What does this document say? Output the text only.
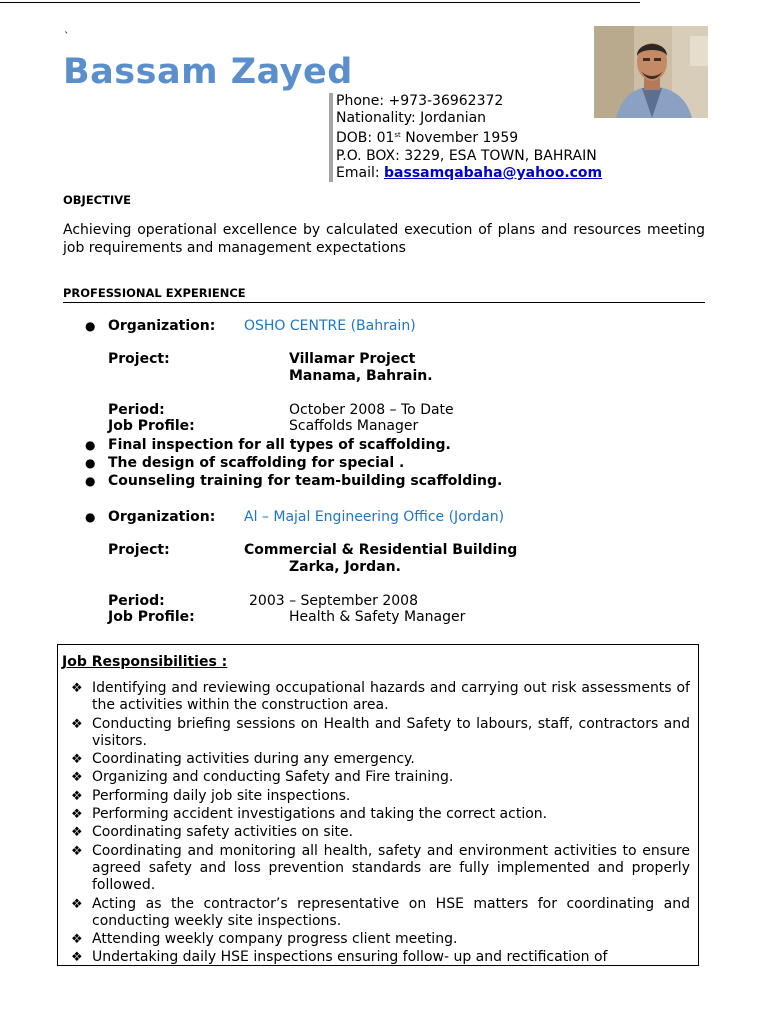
`
Bassam Zayed
Phone: +973-36962372
Nationality: Jordanian
DOB: 01st November 1959
P.O. BOX: 3229, ESA TOWN, BAHRAIN
Email: bassamqabaha@yahoo.com
OBJECTIVE
Achieving operational excellence by calculated execution of plans and resources meeting job requirements and management expectations
PROFESSIONAL EXPERIENCE
● Organization: OSHO CENTRE (Bahrain)
Project:	Villamar Project
Manama, Bahrain.
Period:	October 2008 – To Date
Job Profile:	Scaffolds Manager
● Final inspection for all types of scaffolding.
● The design of scaffolding for special .
● Counseling training for team-building scaffolding.
● Organization: Al – Majal Engineering Office (Jordan)
Project:	Commercial & Residential Building
Zarka, Jordan.
Period:	2003 – September 2008
Job Profile:	Health & Safety Manager
Job Responsibilities :
❖ Identifying and reviewing occupational hazards and carrying out risk assessments of the activities within the construction area.
❖ Conducting briefing sessions on Health and Safety to labours, staff, contractors and visitors.
❖ Coordinating activities during any emergency.
❖ Organizing and conducting Safety and Fire training.
❖ Performing daily job site inspections.
❖ Performing accident investigations and taking the correct action.
❖ Coordinating safety activities on site.
❖ Coordinating and monitoring all health, safety and environment activities to ensure agreed safety and loss prevention standards are fully implemented and properly followed.
❖ Acting as the contractor’s representative on HSE matters for coordinating and conducting weekly site inspections.
❖ Attending weekly company progress client meeting.
❖ Undertaking daily HSE inspections ensuring follow- up and rectification of
